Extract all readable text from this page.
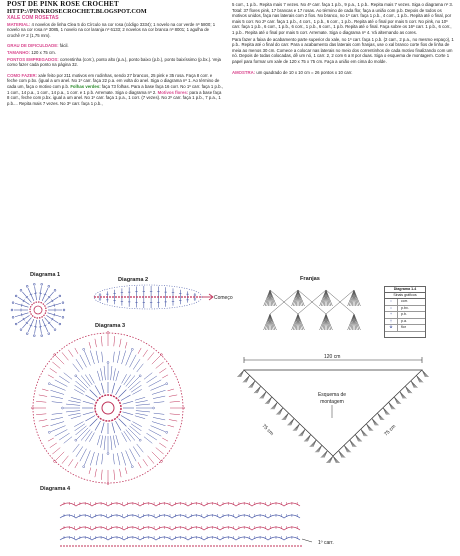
POST DE PINK ROSE CROCHET
HTTP://PINKROSECROCHET.BLOGSPOT.COM
XALE COM ROSETAS
MATERIAL: 4 novelos de linha Clea 5 do Círculo na cor rosa (código 3334); 1 novelo na cor verde nº 5800; 1 novelo na cor rosa nº 3085, 1 novelo na cor laranja nº 6133; 2 novelos na cor branca nº 8001; 1 agulha de crochê nº 2 (1,75 mm).
GRAU DE DIFICULDADE: fácil.
TAMANHO: 120 x 75 cm.
PONTOS EMPREGADOS: correntinha (corr.), ponto alto (p.a.), ponto baixo (p.b.), ponto baixíssimo (p.bx.). Veja como fazer cada ponto na página 32.
COMO FAZER: xale feito por 211 motivos em rodinhas, sendo 27 brancos, 25 pink e 35 rosa. Faça 8 corr. e feche com p.bx. (igual a um anel. No 1º carr. faça 22 p.a. em volta do anel. Siga o diagrama nº 1. Ao término de cada um, faça o motivo com p.b. Folhas verdes: faça 73 folhas. Para a base faça 16 corr. No 1º carr. faça 1 p.b., 1 corr., 14 p.a., 1 corr., 14 p.a., 1 corr. e 1 p.b. Arremate. Siga o diagrama nº 2. Motivos flores: para a base faça 8 corr., feche com p.bx. igual a um anel. No 1º carr. faça 1 p.a., 1 corr. (7 vezes). No 2º carr. faça 1 p.b., 7 p.a., 1 p.b.... Repita mais 7 vezes. No 3º carr. faça 1 p.b.,
5 corr., 1 p.b.. Repita mais 7 vezes. No 4º carr. faça 1 p.b., 9 p.a., 1 p.b.. Repita mais 7 vezes. Siga o diagrama nº 3. Total: 37 flores pink, 17 brancas e 17 rosas. Ao término de cada flor, faça a união com p.b. Depois de todos os motivos unidos, faça nas laterais com 2 fios. No branco, no 1º carr. faça 1 p.b., 4 corr., 1 p.b.. Repita até o final, por mais 5 corr. No 2º carr. faça 1 p.b., 4 corr., 1 p.b., 6 corr., 1 p.b.. Repita até o final por mais 5 corr. No pink, no 10º carr. faça 1 p.b., 6 corr., 1 p.b., 6 corr., 1 p.b., 6 corr., 1 p.b. Repita até o final. Faça sobre os 16º carr. 1 p.b., 6 corr., 1 p.b.. Repita até o final por mais 5 corr. Arremate. Siga o diagrama nº 4. Vá alternando as cores.
Para fazer a faixa de acabamento parte superior do xale, no 1º carr. faça 1 p.b. (2 carr., 2 p.a., no mesmo espaço), 1 p.b.. Repita até o final do carr. Para o acabamento das laterais com franjas, use o xal branco corte fios de linha de meia ao menos 30 cm. Comece a colocar nas laterais no meio dos correntinhos de cada motivo finalizando com um nó. Depois de todas colocadas, dê um nó, 1 carr. 2, 2 com 6 a 8 por duas. Siga o esquema de montagem. Corte 1 papel para formar um xale de 120 x 75 x 75 cm. Faça a união em cima do molde.
AMOSTRA: um quadrado de 10 x 10 cm = 26 pontos x 10 carr.
Diagrama 1
Diagrama 2	Franjas
Diagrama 3
Diagrama 4
Começo
Diagrama 1-4
Sinais gráficos
○	corr.
•	p.bx.
+	p.b.
†	p.a.
✿	flor
120 cm
Esquema de
montagem
75 cm	75 cm
1º carr.
